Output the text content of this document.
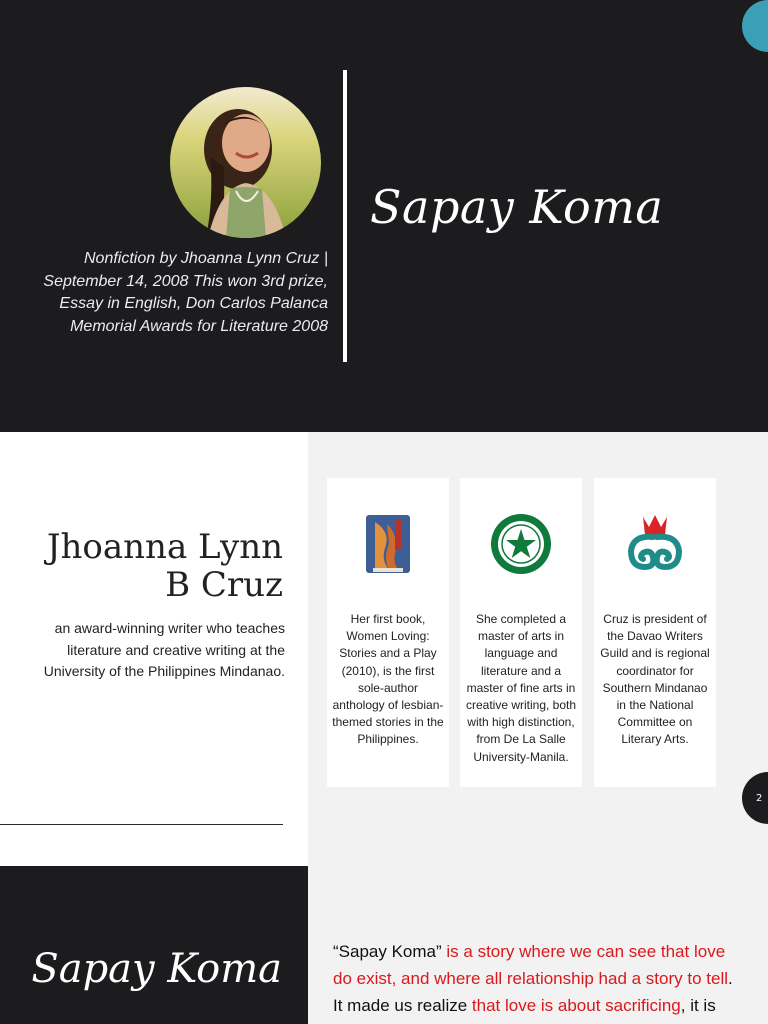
Sapay Koma
Nonfiction by Jhoanna Lynn Cruz | September 14, 2008 This won 3rd prize, Essay in English, Don Carlos Palanca Memorial Awards for Literature 2008
Jhoanna Lynn B Cruz
an award-winning writer who teaches literature and creative writing at the University of the Philippines Mindanao.
Her first book, Women Loving: Stories and a Play (2010), is the first sole-author anthology of lesbian-themed stories in the Philippines.
She completed a master of arts in language and literature and a master of fine arts in creative writing, both with high distinction, from De La Salle University-Manila.
Cruz is president of the Davao Writers Guild and is regional coordinator for Southern Mindanao in the National Committee on Literary Arts.
2
Sapay Koma	“Sapay Koma” is a story where we can see that love do exist, and where all relationship had a story to tell. It made us realize that love is about sacrificing, it is
